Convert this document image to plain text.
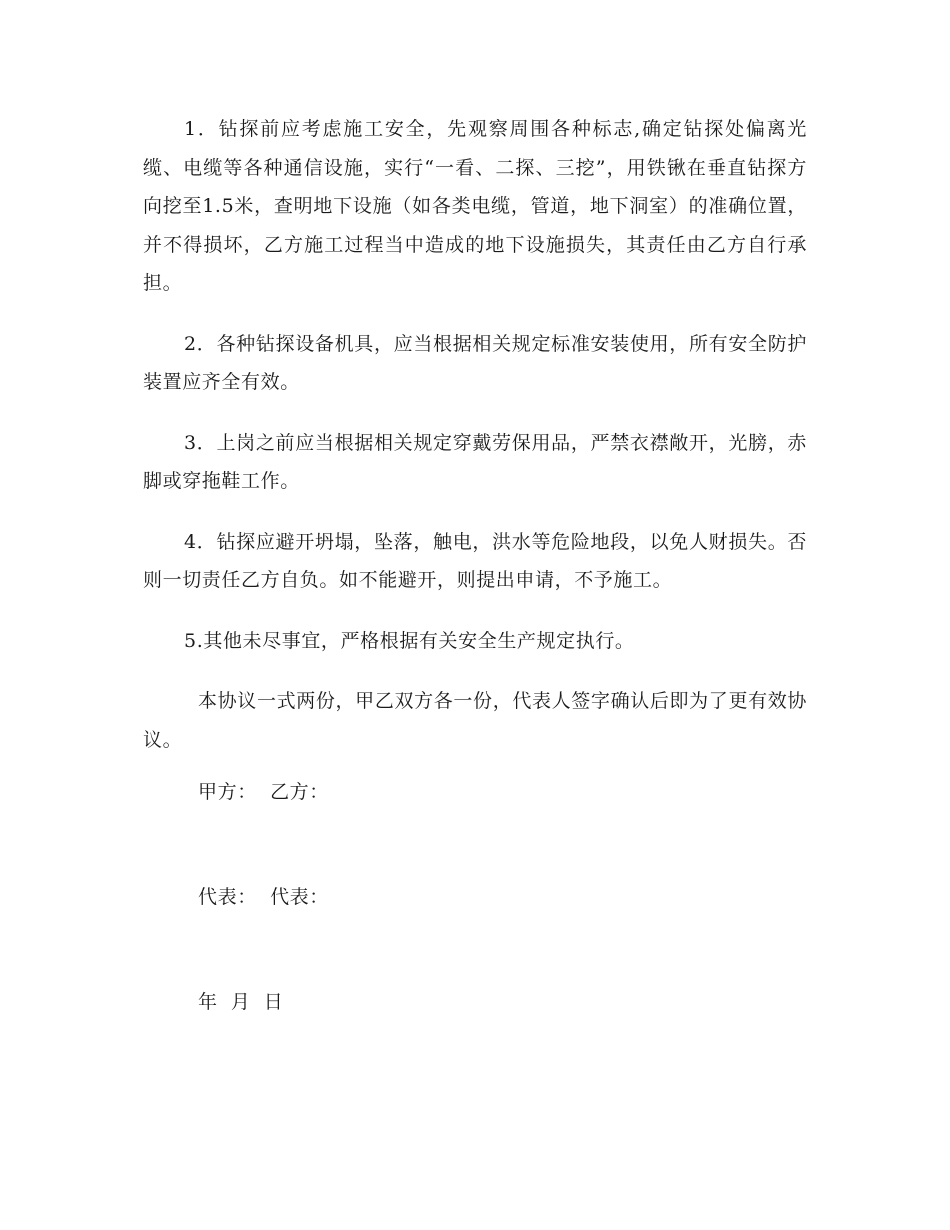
1．钻探前应考虑施工安全，先观察周围各种标志,确定钻探处偏离光缆、电缆等各种通信设施，实行“一看、二探、三挖”，用铁锹在垂直钻探方向挖至1.5米，查明地下设施（如各类电缆，管道，地下洞室）的准确位置，并不得损坏，乙方施工过程当中造成的地下设施损失，其责任由乙方自行承担。

2．各种钻探设备机具，应当根据相关规定标准安装使用，所有安全防护装置应齐全有效。

3．上岗之前应当根据相关规定穿戴劳保用品，严禁衣襟敞开，光膀，赤脚或穿拖鞋工作。

4．钻探应避开坍塌，坠落，触电，洪水等危险地段，以免人财损失。否则一切责任乙方自负。如不能避开，则提出申请，不予施工。

5.其他未尽事宜，严格根据有关安全生产规定执行。

本协议一式两份，甲乙双方各一份，代表人签字确认后即为了更有效协议。

甲方：  乙方：
代表：  代表：
年  月  日
